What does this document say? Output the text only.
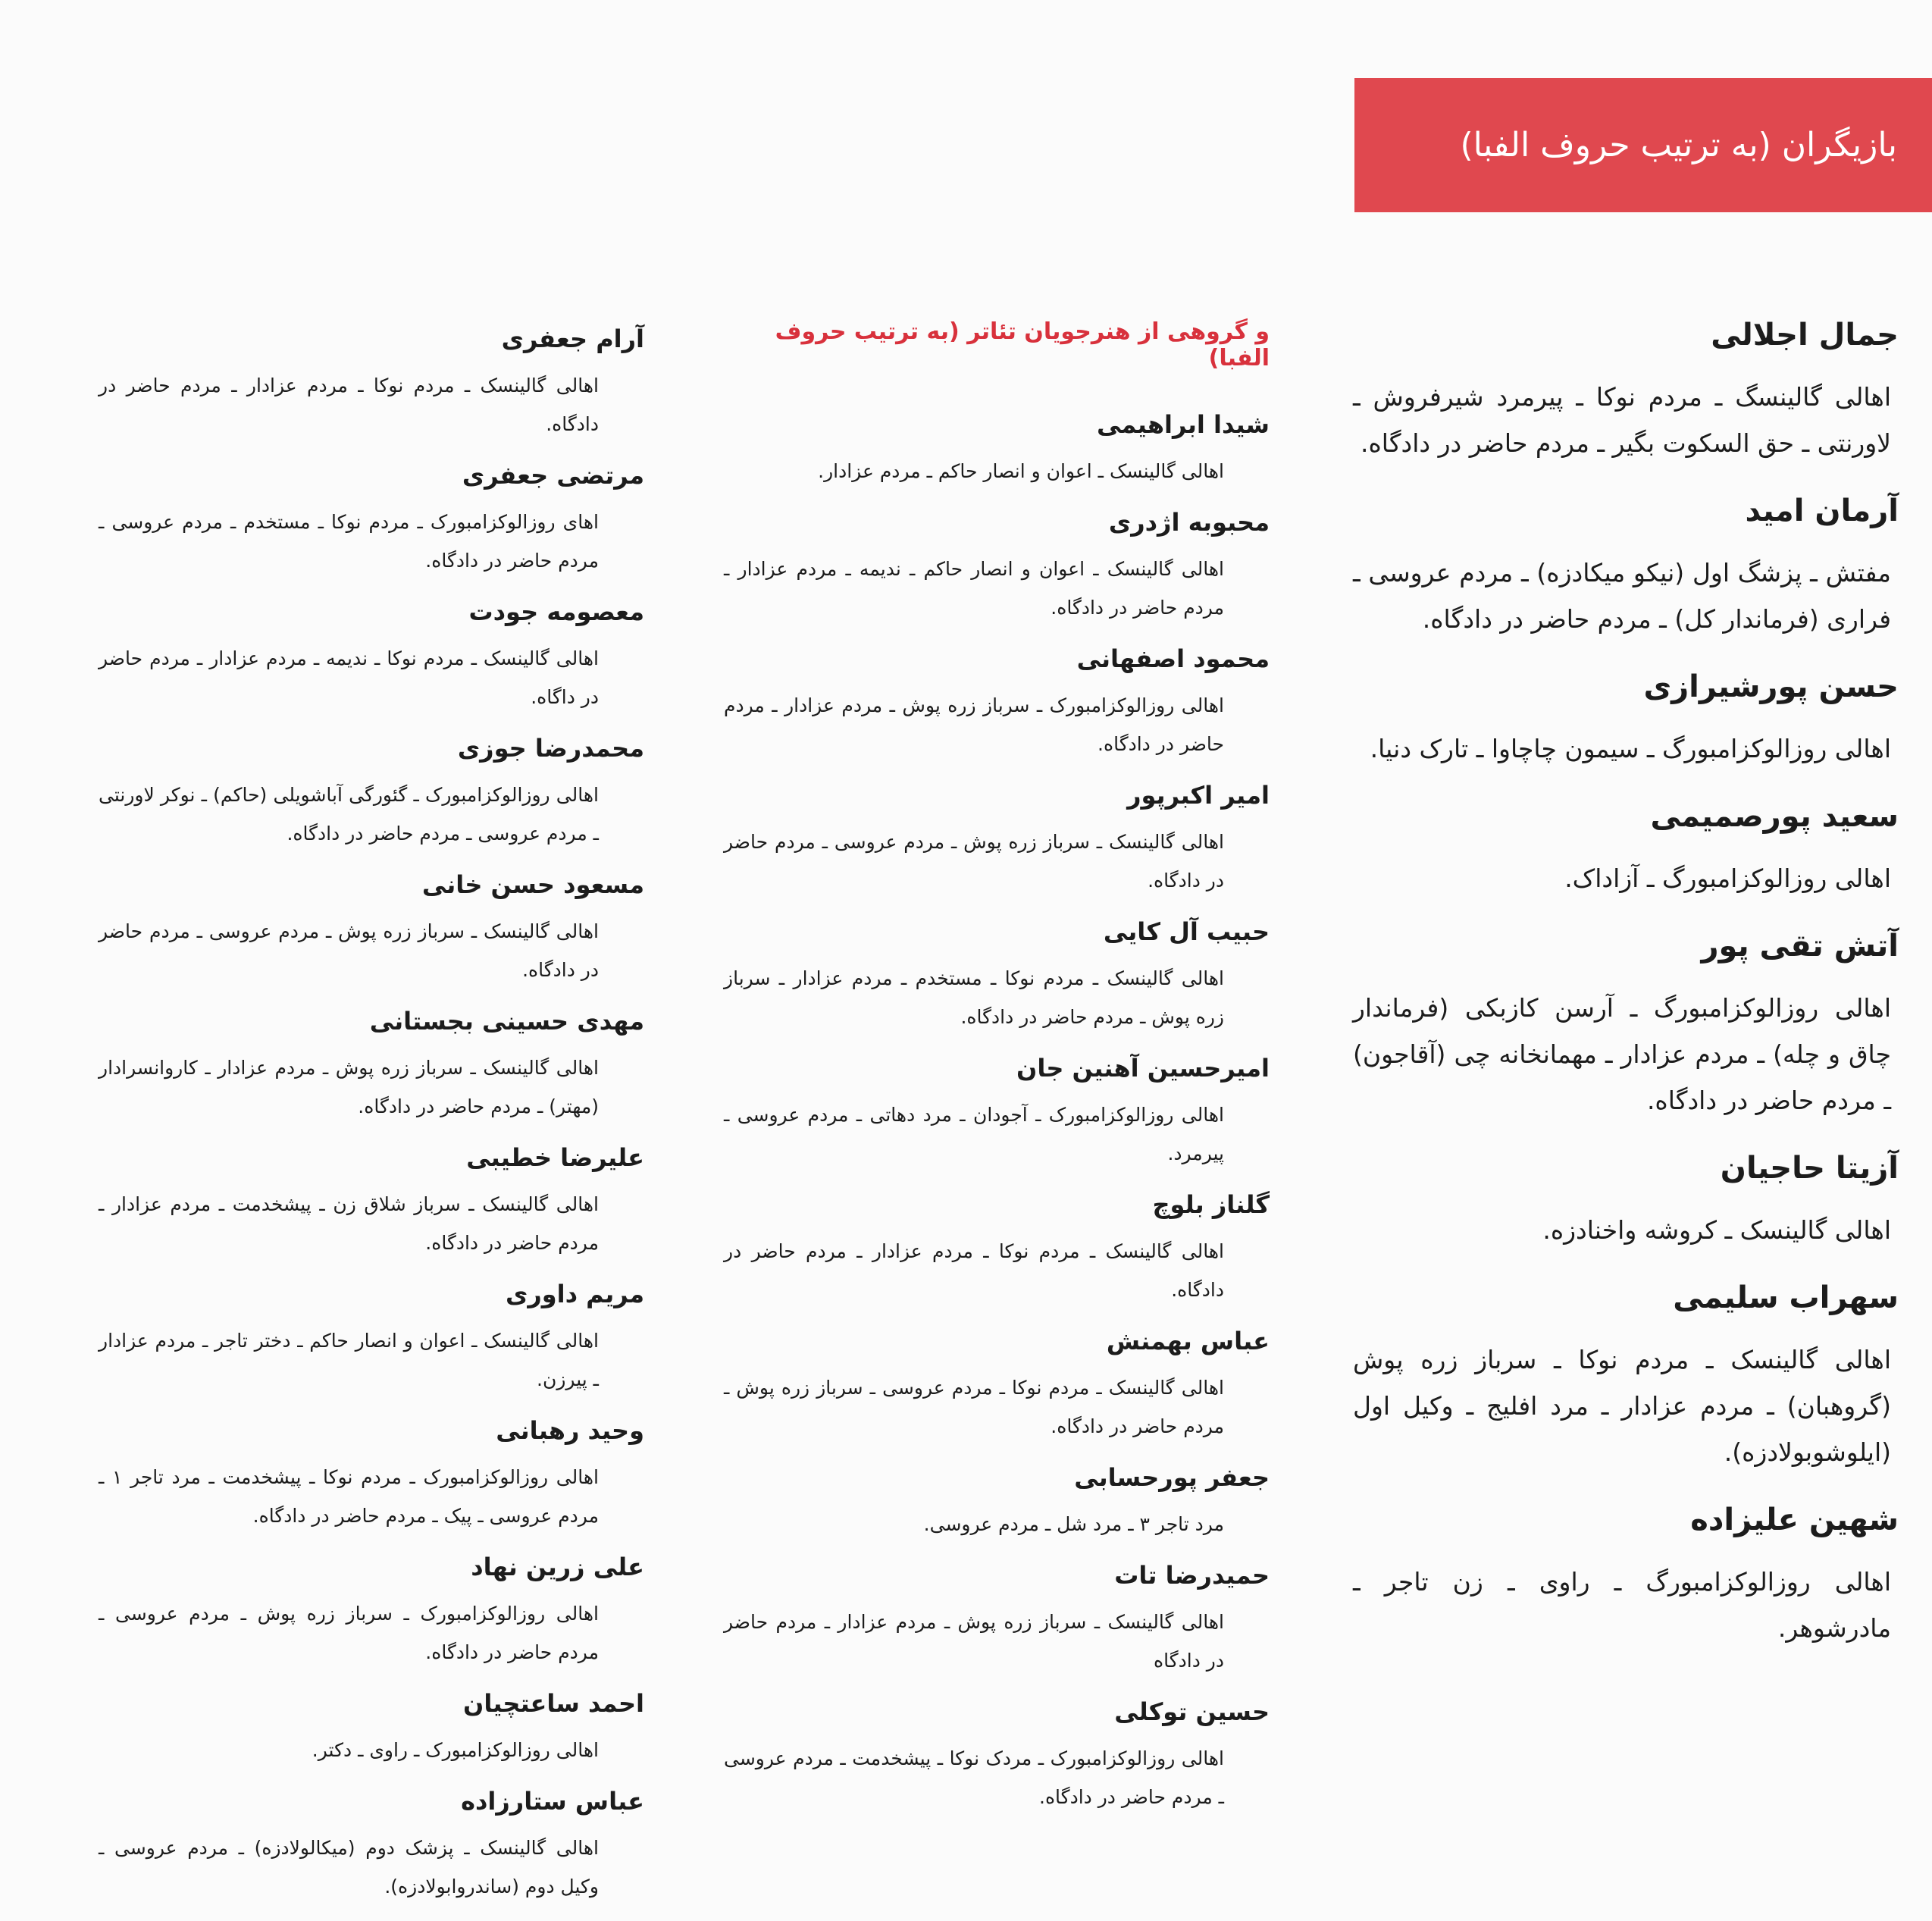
بازیگران (به ترتیب حروف الفبا)
جمال اجلالی
اهالی گالینسگ ـ مردم نوکا ـ پیرمرد شیرفروش ـ لاورنتی ـ حق السکوت بگیر ـ مردم حاضر در دادگاه.
آرمان امید
مفتش ـ پزشگ اول (نیکو میکادزه) ـ مردم عروسی ـ فراری (فرماندار کل) ـ مردم حاضر در دادگاه.
حسن پورشیرازی
اهالی روزالوکزامبورگ ـ سیمون چاچاوا ـ تارک دنیا.
سعید پورصمیمی
اهالی روزالوکزامبورگ ـ آزاداک.
آتش تقی پور
اهالی روزالوکزامبورگ ـ آرسن کازبکی (فرماندار چاق و چله) ـ مردم عزادار ـ مهمانخانه چی (آقاجون) ـ مردم حاضر در دادگاه.
آزیتا حاجیان
اهالی گالینسک ـ کروشه واخنادزه.
سهراب سلیمی
اهالی گالینسک ـ مردم نوکا ـ سرباز زره پوش (گروهبان) ـ مردم عزادار ـ مرد افلیج ـ وکیل اول (ایلوشوبولادزه).
شهین علیزاده
اهالی روزالوکزامبورگ ـ راوی ـ زن تاجر ـ مادرشوهر.
و گروهی از هنرجویان تئاتر (به ترتیب حروف الفبا)
شیدا ابراهیمی
اهالی گالینسک ـ اعوان و انصار حاکم ـ مردم عزادار.
محبوبه اژدری
اهالی گالینسک ـ اعوان و انصار حاکم ـ ندیمه ـ مردم عزادار ـ مردم حاضر در دادگاه.
محمود اصفهانی
اهالی روزالوکزامبورک ـ سرباز زره پوش ـ مردم عزادار ـ مردم حاضر در دادگاه.
امیر اکبرپور
اهالی گالینسک ـ سرباز زره پوش ـ مردم عروسی ـ مردم حاضر در دادگاه.
حبیب آل کایی
اهالی گالینسک ـ مردم نوکا ـ مستخدم ـ مردم عزادار ـ سرباز زره پوش ـ مردم حاضر در دادگاه.
امیرحسین آهنین جان
اهالی روزالوکزامبورک ـ آجودان ـ مرد دهاتی ـ مردم عروسی ـ پیرمرد.
گلناز بلوچ
اهالی گالینسک ـ مردم نوکا ـ مردم عزادار ـ مردم حاضر در دادگاه.
عباس بهمنش
اهالی گالینسک ـ مردم نوکا ـ مردم عروسی ـ سرباز زره پوش ـ مردم حاضر در دادگاه.
جعفر پورحسابی
مرد تاجر ۳ ـ مرد شل ـ مردم عروسی.
حمیدرضا تات
اهالی گالینسک ـ سرباز زره پوش ـ مردم عزادار ـ مردم حاضر در دادگاه
حسین توکلی
اهالی روزالوکزامبورک ـ مردک نوکا ـ پیشخدمت ـ مردم عروسی ـ مردم حاضر در دادگاه.
آرام جعفری
اهالی گالینسک ـ مردم نوکا ـ مردم عزادار ـ مردم حاضر در دادگاه.
مرتضی جعفری
اهای روزالوکزامبورک ـ مردم نوکا ـ مستخدم ـ مردم عروسی ـ مردم حاضر در دادگاه.
معصومه جودت
اهالی گالینسک ـ مردم نوکا ـ ندیمه ـ مردم عزادار ـ مردم حاضر در داگاه.
محمدرضا جوزی
اهالی روزالوکزامبورک ـ گئورگی آباشویلی (حاکم) ـ نوکر لاورنتی ـ مردم عروسی ـ مردم حاضر در دادگاه.
مسعود حسن خانی
اهالی گالینسک ـ سرباز زره پوش ـ مردم عروسی ـ مردم حاضر در دادگاه.
مهدی حسینی بجستانی
اهالی گالینسک ـ سرباز زره پوش ـ مردم عزادار ـ کاروانسرادار (مهتر) ـ مردم حاضر در دادگاه.
علیرضا خطیبی
اهالی گالینسک ـ سرباز شلاق زن ـ پیشخدمت ـ مردم عزادار ـ مردم حاضر در دادگاه.
مریم داوری
اهالی گالینسک ـ اعوان و انصار حاکم ـ دختر تاجر ـ مردم عزادار ـ پیرزن.
وحید رهبانی
اهالی روزالوکزامبورک ـ مردم نوکا ـ پیشخدمت ـ مرد تاجر ۱ ـ مردم عروسی ـ پیک ـ مردم حاضر در دادگاه.
علی زرین نهاد
اهالی روزالوکزامبورک ـ سرباز زره پوش ـ مردم عروسی ـ مردم حاضر در دادگاه.
احمد ساعتچیان
اهالی روزالوکزامبورک ـ راوی ـ دکتر.
عباس ستارزاده
اهالی گالینسک ـ پزشک دوم (میکالولادزه) ـ مردم عروسی ـ وکیل دوم (ساندروابولادزه).
